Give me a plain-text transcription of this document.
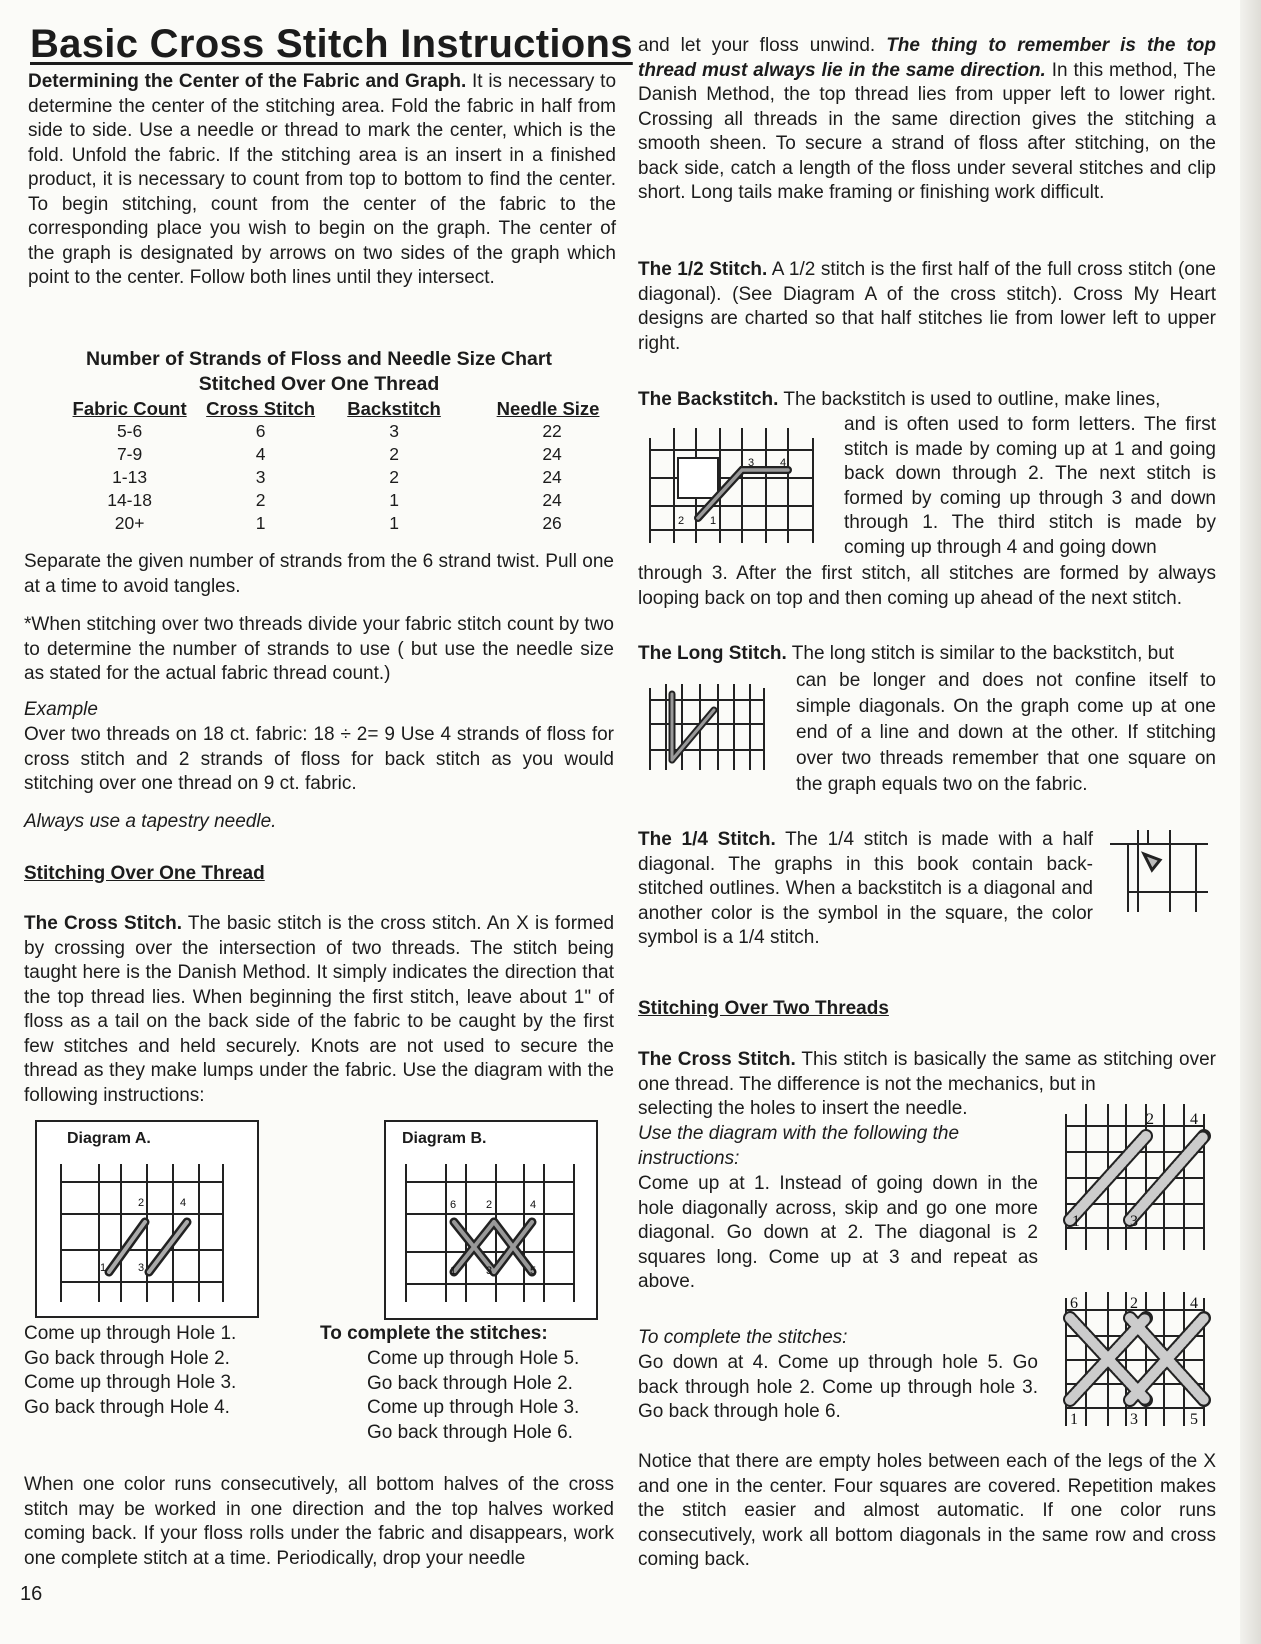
Basic Cross Stitch Instructions

Determining the Center of the Fabric and Graph. It is necessary to determine the center of the stitching area. Fold the fabric in half from side to side. Use a needle or thread to mark the center, which is the fold. Unfold the fabric. If the stitching area is an insert in a finished product, it is necessary to count from top to bottom to find the center. To begin stitching, count from the center of the fabric to the corresponding place you wish to begin on the graph. The center of the graph is designated by arrows on two sides of the graph which point to the center. Follow both lines until they intersect.

Number of Strands of Floss and Needle Size Chart
Stitched Over One Thread
Fabric Count	Cross Stitch	Backstitch	Needle Size
5-6	6	3	22
7-9	4	2	24
1-13	3	2	24
14-18	2	1	24
20+	1	1	26

Separate the given number of strands from the 6 strand twist. Pull one at a time to avoid tangles.

*When stitching over two threads divide your fabric stitch count by two to determine the number of strands to use ( but use the needle size as stated for the actual fabric thread count.)

Example

Over two threads on 18 ct. fabric: 18 ÷ 2= 9 Use 4 strands of floss for cross stitch and 2 strands of floss for back stitch as you would stitching over one thread on 9 ct. fabric.

Always use a tapestry needle.

Stitching Over One Thread

The Cross Stitch. The basic stitch is the cross stitch. An X is formed by crossing over the intersection of two threads. The stitch being taught here is the Danish Method. It simply indicates the direction that the top thread lies. When beginning the first stitch, leave about 1" of floss as a tail on the back side of the fabric to be caught by the first few stitches and held securely. Knots are not used to secure the thread as they make lumps under the fabric. Use the diagram with the following instructions:

Diagram A.
2	4
1	3
Come up through Hole 1.
Go back through Hole 2.
Come up through Hole 3.
Go back through Hole 4.
Diagram B.
6	2	4
1	3	5
To complete the stitches:
Come up through Hole 5.
Go back through Hole 2.
Come up through Hole 3.
Go back through Hole 6.

When one color runs consecutively, all bottom halves of the cross stitch may be worked in one direction and the top halves worked coming back. If your floss rolls under the fabric and disappears, work one complete stitch at a time. Periodically, drop your needle

16

and let your floss unwind. The thing to remember is the top thread must always lie in the same direction. In this method, The Danish Method, the top thread lies from upper left to lower right. Crossing all threads in the same direction gives the stitching a smooth sheen. To secure a strand of floss after stitching, on the back side, catch a length of the floss under several stitches and clip short. Long tails make framing or finishing work difficult.

The 1/2 Stitch. A 1/2 stitch is the first half of the full cross stitch (one diagonal). (See Diagram A of the cross stitch). Cross My Heart designs are charted so that half stitches lie from lower left to upper right.

The Backstitch. The backstitch is used to outline, make lines,

3 4
2 1

and is often used to form letters. The first stitch is made by coming up at 1 and going back down through 2. The next stitch is formed by coming up through 3 and down through 1. The third stitch is made by coming up through 4 and going down

through 3. After the first stitch, all stitches are formed by always looping back on top and then coming up ahead of the next stitch.

The Long Stitch. The long stitch is similar to the backstitch, but

can be longer and does not confine itself to simple diagonals. On the graph come up at one end of a line and down at the other. If stitching over two threads remember that one square on the graph equals two on the fabric.

The 1/4 Stitch. The 1/4 stitch is made with a half diagonal. The graphs in this book contain back-stitched outlines. When a backstitch is a diagonal and another color is the symbol in the square, the color symbol is a 1/4 stitch.

Stitching Over Two Threads

The Cross Stitch. This stitch is basically the same as stitching over one thread. The difference is not the mechanics, but in

selecting the holes to insert the needle.

Use the diagram with the following the instructions:

Come up at 1. Instead of going down in the hole diagonally across, skip and go one more diagonal. Go down at 2. The diagonal is 2 squares long. Come up at 3 and repeat as above.

2 4
1	3

To complete the stitches:

Go down at 4. Come up through hole 5. Go back through hole 2. Come up through hole 3. Go back through hole 6.

6	2	4
1	3	5

Notice that there are empty holes between each of the legs of the X and one in the center. Four squares are covered. Repetition makes the stitch easier and almost automatic. If one color runs consecutively, work all bottom diagonals in the same row and cross coming back.
